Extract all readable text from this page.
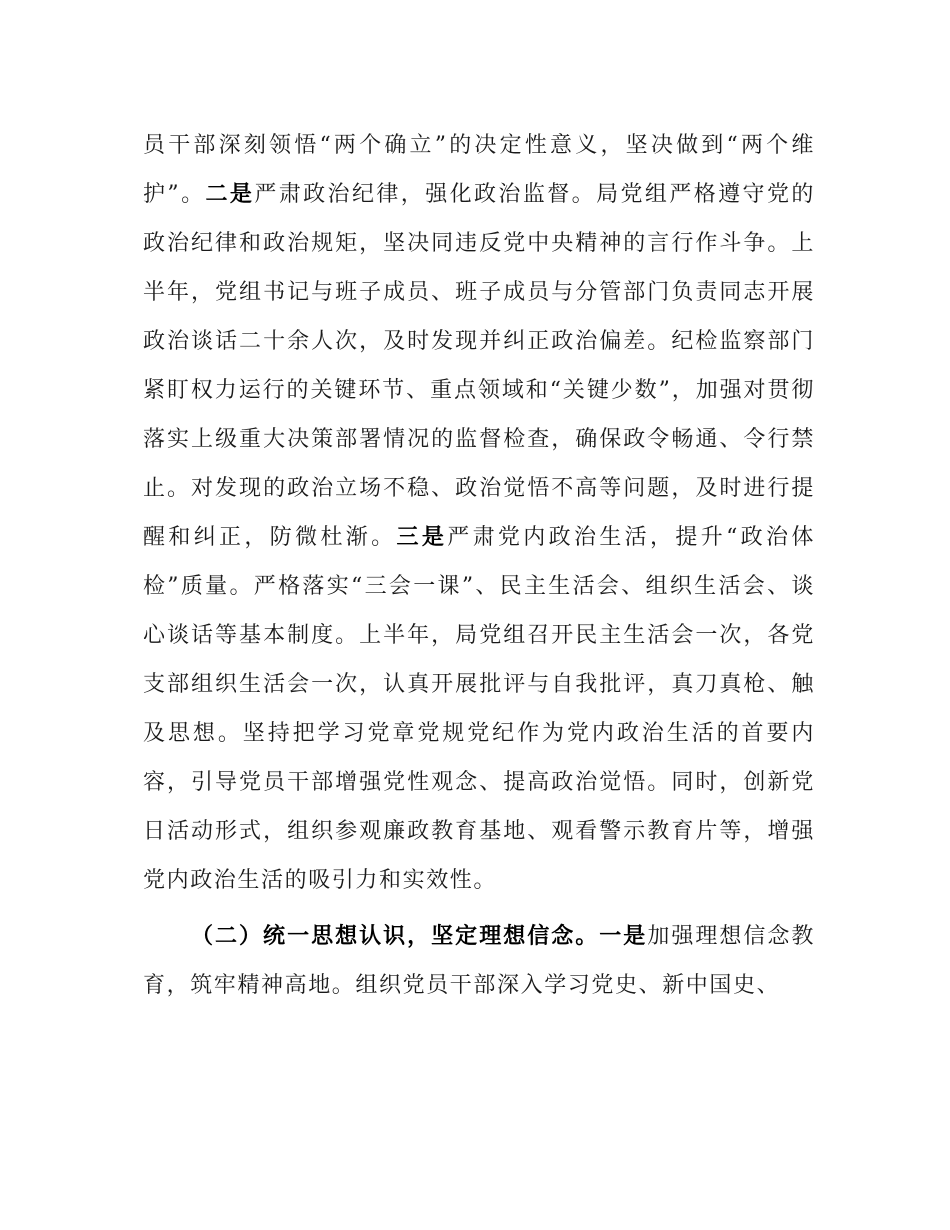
员干部深刻领悟“两个确立”的决定性意义，坚决做到“两个维护”。二是严肃政治纪律，强化政治监督。局党组严格遵守党的政治纪律和政治规矩，坚决同违反党中央精神的言行作斗争。上半年，党组书记与班子成员、班子成员与分管部门负责同志开展政治谈话二十余人次，及时发现并纠正政治偏差。纪检监察部门紧盯权力运行的关键环节、重点领域和“关键少数”，加强对贯彻落实上级重大决策部署情况的监督检查，确保政令畅通、令行禁止。对发现的政治立场不稳、政治觉悟不高等问题，及时进行提醒和纠正，防微杜渐。三是严肃党内政治生活，提升“政治体检”质量。严格落实“三会一课”、民主生活会、组织生活会、谈心谈话等基本制度。上半年，局党组召开民主生活会一次，各党支部组织生活会一次，认真开展批评与自我批评，真刀真枪、触及思想。坚持把学习党章党规党纪作为党内政治生活的首要内容，引导党员干部增强党性观念、提高政治觉悟。同时，创新党日活动形式，组织参观廉政教育基地、观看警示教育片等，增强党内政治生活的吸引力和实效性。

（二）统一思想认识，坚定理想信念。一是加强理想信念教育，筑牢精神高地。组织党员干部深入学习党史、新中国史、
